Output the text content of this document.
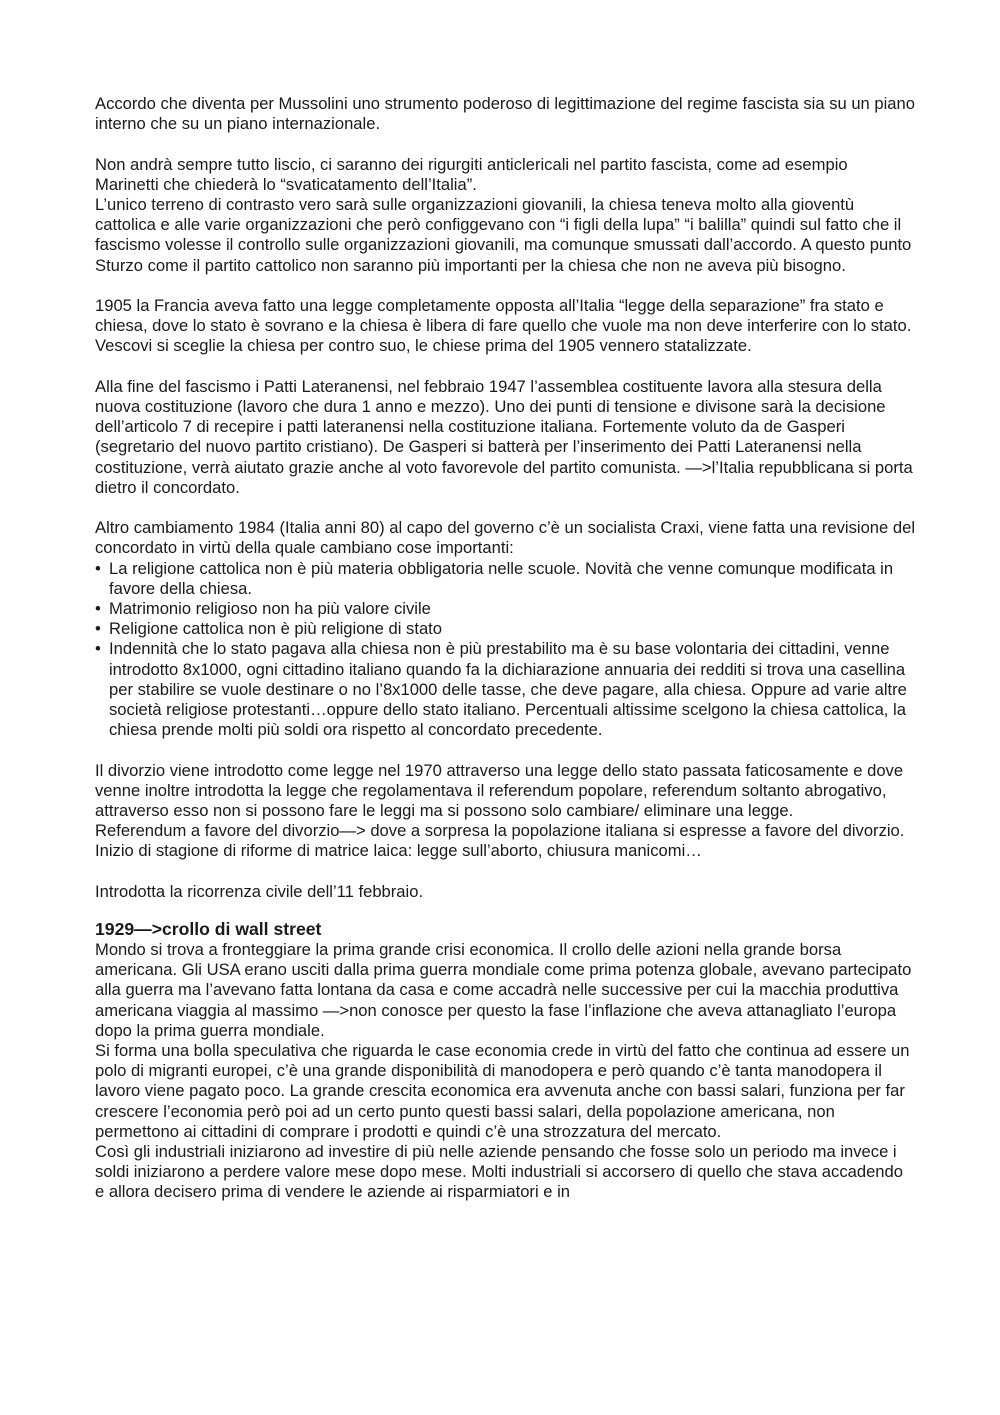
Accordo che diventa per Mussolini uno strumento poderoso di legittimazione del regime fascista sia su un piano interno che su un piano internazionale.

Non andrà sempre tutto liscio, ci saranno dei rigurgiti anticlericali nel partito fascista, come ad esempio Marinetti che chiederà lo “svaticatamento dell’Italia”.

L’unico terreno di contrasto vero sarà sulle organizzazioni giovanili, la chiesa teneva molto alla gioventù cattolica e alle varie organizzazioni che però configgevano con “i figli della lupa” “i balilla” quindi sul fatto che il fascismo volesse il controllo sulle organizzazioni giovanili, ma comunque smussati dall’accordo. A questo punto Sturzo come il partito cattolico non saranno più importanti per la chiesa che non ne aveva più bisogno.

1905 la Francia aveva fatto una legge completamente opposta all’Italia “legge della separazione” fra stato e chiesa, dove lo stato è sovrano e la chiesa è libera di fare quello che vuole ma non deve interferire con lo stato. Vescovi si sceglie la chiesa per contro suo, le chiese prima del 1905 vennero statalizzate.

Alla fine del fascismo i Patti Lateranensi, nel febbraio 1947 l’assemblea costituente lavora alla stesura della nuova costituzione (lavoro che dura 1 anno e mezzo). Uno dei punti di tensione e divisone sarà la decisione dell’articolo 7 di recepire i patti lateranensi nella costituzione italiana. Fortemente voluto da de Gasperi (segretario del nuovo partito cristiano). De Gasperi si batterà per l’inserimento dei Patti Lateranensi nella costituzione, verrà aiutato grazie anche al voto favorevole del partito comunista. —>l’Italia repubblicana si porta dietro il concordato.

Altro cambiamento 1984 (Italia anni 80) al capo del governo c’è un socialista Craxi, viene fatta una revisione del concordato in virtù della quale cambiano cose importanti:

• La religione cattolica non è più materia obbligatoria nelle scuole. Novità che venne comunque modificata in favore della chiesa.
• Matrimonio religioso non ha più valore civile
• Religione cattolica non è più religione di stato
• Indennità che lo stato pagava alla chiesa non è più prestabilito ma è su base volontaria dei cittadini, venne introdotto 8x1000, ogni cittadino italiano quando fa la dichiarazione annuaria dei redditi si trova una casellina per stabilire se vuole destinare o no l’8x1000 delle tasse, che deve pagare, alla chiesa. Oppure ad varie altre società religiose protestanti…oppure dello stato italiano. Percentuali altissime scelgono la chiesa cattolica, la chiesa prende molti più soldi ora rispetto al concordato precedente.

Il divorzio viene introdotto come legge nel 1970 attraverso una legge dello stato passata faticosamente e dove venne inoltre introdotta la legge che regolamentava il referendum popolare, referendum soltanto abrogativo, attraverso esso non si possono fare le leggi ma si possono solo cambiare/ eliminare una legge.

Referendum a favore del divorzio—> dove a sorpresa la popolazione italiana si espresse a favore del divorzio. Inizio di stagione di riforme di matrice laica: legge sull’aborto, chiusura manicomi…

Introdotta la ricorrenza civile dell’11 febbraio.

1929—>crollo di wall street

Mondo si trova a fronteggiare la prima grande crisi economica. Il crollo delle azioni nella grande borsa americana. Gli USA erano usciti dalla prima guerra mondiale come prima potenza globale, avevano partecipato alla guerra ma l’avevano fatta lontana da casa e come accadrà nelle successive per cui la macchia produttiva americana viaggia al massimo —>non conosce per questo la fase l’inflazione che aveva attanagliato l’europa dopo la prima guerra mondiale.

Si forma una bolla speculativa che riguarda le case economia crede in virtù del fatto che continua ad essere un polo di migranti europei, c’è una grande disponibilità di manodopera e però quando c’è tanta manodopera il lavoro viene pagato poco. La grande crescita economica era avvenuta anche con bassi salari, funziona per far crescere l’economia però poi ad un certo punto questi bassi salari, della popolazione americana, non permettono ai cittadini di comprare i prodotti e quindi c’è una strozzatura del mercato.

Così gli industriali iniziarono ad investire di più nelle aziende pensando che fosse solo un periodo ma invece i soldi iniziarono a perdere valore mese dopo mese. Molti industriali si accorsero di quello che stava accadendo e allora decisero prima di vendere le aziende ai risparmiatori e in
